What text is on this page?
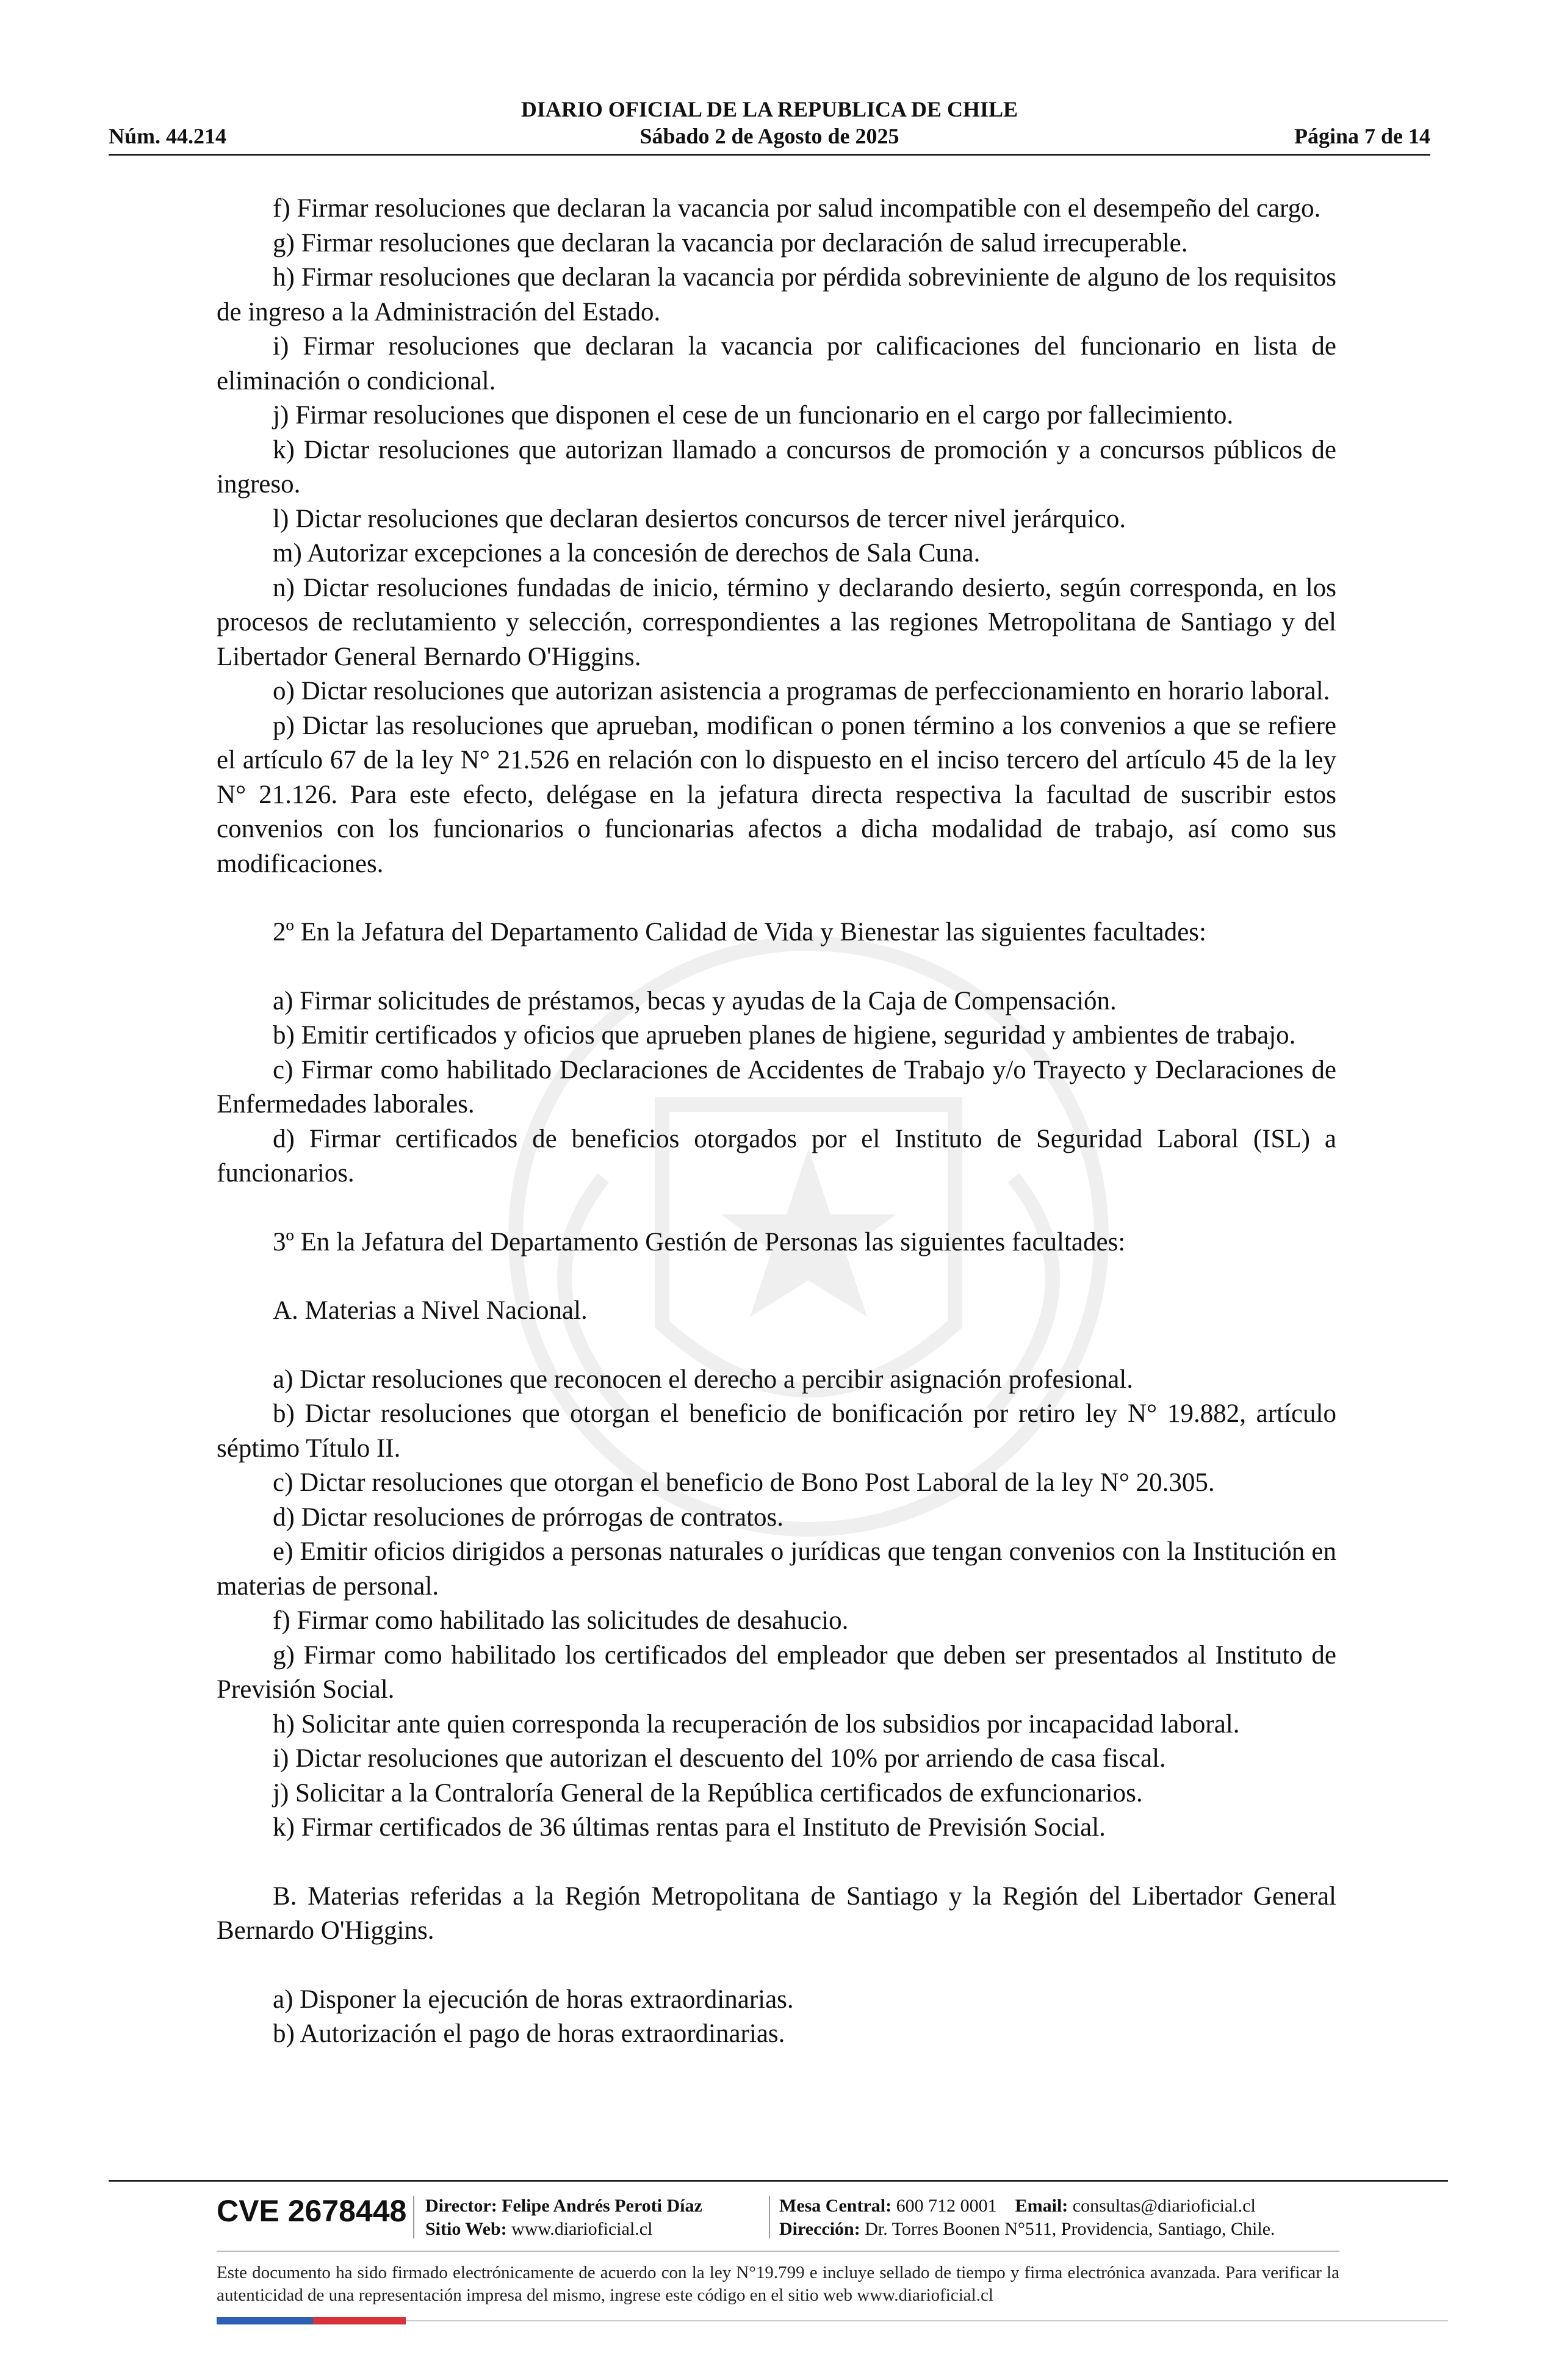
DIARIO OFICIAL DE LA REPUBLICA DE CHILE
Núm. 44.214	Sábado 2 de Agosto de 2025	Página 7 de 14

f) Firmar resoluciones que declaran la vacancia por salud incompatible con el desempeño del cargo.

g) Firmar resoluciones que declaran la vacancia por declaración de salud irrecuperable.

h) Firmar resoluciones que declaran la vacancia por pérdida sobreviniente de alguno de los requisitos de ingreso a la Administración del Estado.

i) Firmar resoluciones que declaran la vacancia por calificaciones del funcionario en lista de eliminación o condicional.

j) Firmar resoluciones que disponen el cese de un funcionario en el cargo por fallecimiento.

k) Dictar resoluciones que autorizan llamado a concursos de promoción y a concursos públicos de ingreso.

l) Dictar resoluciones que declaran desiertos concursos de tercer nivel jerárquico.

m) Autorizar excepciones a la concesión de derechos de Sala Cuna.

n) Dictar resoluciones fundadas de inicio, término y declarando desierto, según corresponda, en los procesos de reclutamiento y selección, correspondientes a las regiones Metropolitana de Santiago y del Libertador General Bernardo O'Higgins.

o) Dictar resoluciones que autorizan asistencia a programas de perfeccionamiento en horario laboral.

p) Dictar las resoluciones que aprueban, modifican o ponen término a los convenios a que se refiere el artículo 67 de la ley N° 21.526 en relación con lo dispuesto en el inciso tercero del artículo 45 de la ley N° 21.126. Para este efecto, delégase en la jefatura directa respectiva la facultad de suscribir estos convenios con los funcionarios o funcionarias afectos a dicha modalidad de trabajo, así como sus modificaciones.

2º En la Jefatura del Departamento Calidad de Vida y Bienestar las siguientes facultades:

a) Firmar solicitudes de préstamos, becas y ayudas de la Caja de Compensación.

b) Emitir certificados y oficios que aprueben planes de higiene, seguridad y ambientes de trabajo.

c) Firmar como habilitado Declaraciones de Accidentes de Trabajo y/o Trayecto y Declaraciones de Enfermedades laborales.

d) Firmar certificados de beneficios otorgados por el Instituto de Seguridad Laboral (ISL) a funcionarios.

3º En la Jefatura del Departamento Gestión de Personas las siguientes facultades:

A. Materias a Nivel Nacional.

a) Dictar resoluciones que reconocen el derecho a percibir asignación profesional.

b) Dictar resoluciones que otorgan el beneficio de bonificación por retiro ley N° 19.882, artículo séptimo Título II.

c) Dictar resoluciones que otorgan el beneficio de Bono Post Laboral de la ley N° 20.305.

d) Dictar resoluciones de prórrogas de contratos.

e) Emitir oficios dirigidos a personas naturales o jurídicas que tengan convenios con la Institución en materias de personal.

f) Firmar como habilitado las solicitudes de desahucio.

g) Firmar como habilitado los certificados del empleador que deben ser presentados al Instituto de Previsión Social.

h) Solicitar ante quien corresponda la recuperación de los subsidios por incapacidad laboral.

i) Dictar resoluciones que autorizan el descuento del 10% por arriendo de casa fiscal.

j) Solicitar a la Contraloría General de la República certificados de exfuncionarios.

k) Firmar certificados de 36 últimas rentas para el Instituto de Previsión Social.

B. Materias referidas a la Región Metropolitana de Santiago y la Región del Libertador General Bernardo O'Higgins.

a) Disponer la ejecución de horas extraordinarias.

b) Autorización el pago de horas extraordinarias.

CVE 2678448 Director: Felipe Andrés Peroti Díaz
Sitio Web: www.diarioficial.cl
Mesa Central: 600 712 0001 Email: consultas@diarioficial.cl
Dirección: Dr. Torres Boonen N°511, Providencia, Santiago, Chile.
Este documento ha sido firmado electrónicamente de acuerdo con la ley N°19.799 e incluye sellado de tiempo y firma electrónica avanzada. Para verificar la autenticidad de una representación impresa del mismo, ingrese este código en el sitio web www.diarioficial.cl
